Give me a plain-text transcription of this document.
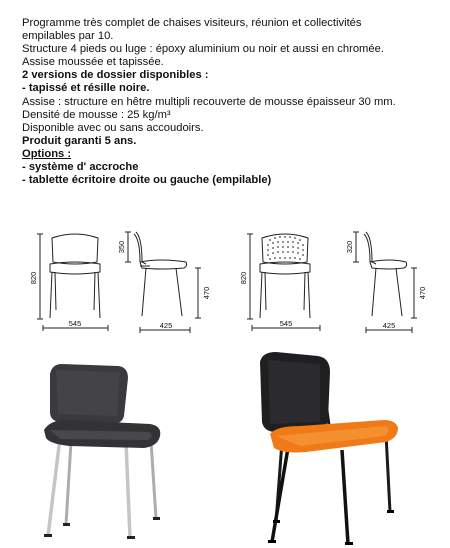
Programme très complet de chaises visiteurs, réunion et collectivités
empilables par 10.
Structure 4 pieds ou luge : époxy aluminium ou noir et aussi en chromée.
Assise moussée et tapissée.
2 versions de dossier disponibles :
- tapissé et résille noire.
Assise : structure en hêtre multipli recouverte de mousse épaisseur 30 mm.
Densité de mousse : 25 kg/m³
Disponible avec ou sans accoudoirs.
Produit garanti 5 ans.
Options :
- système d' accroche
- tablette écritoire droite ou gauche (empilable)
820
545
350
470
425
820
545
320
470
425
